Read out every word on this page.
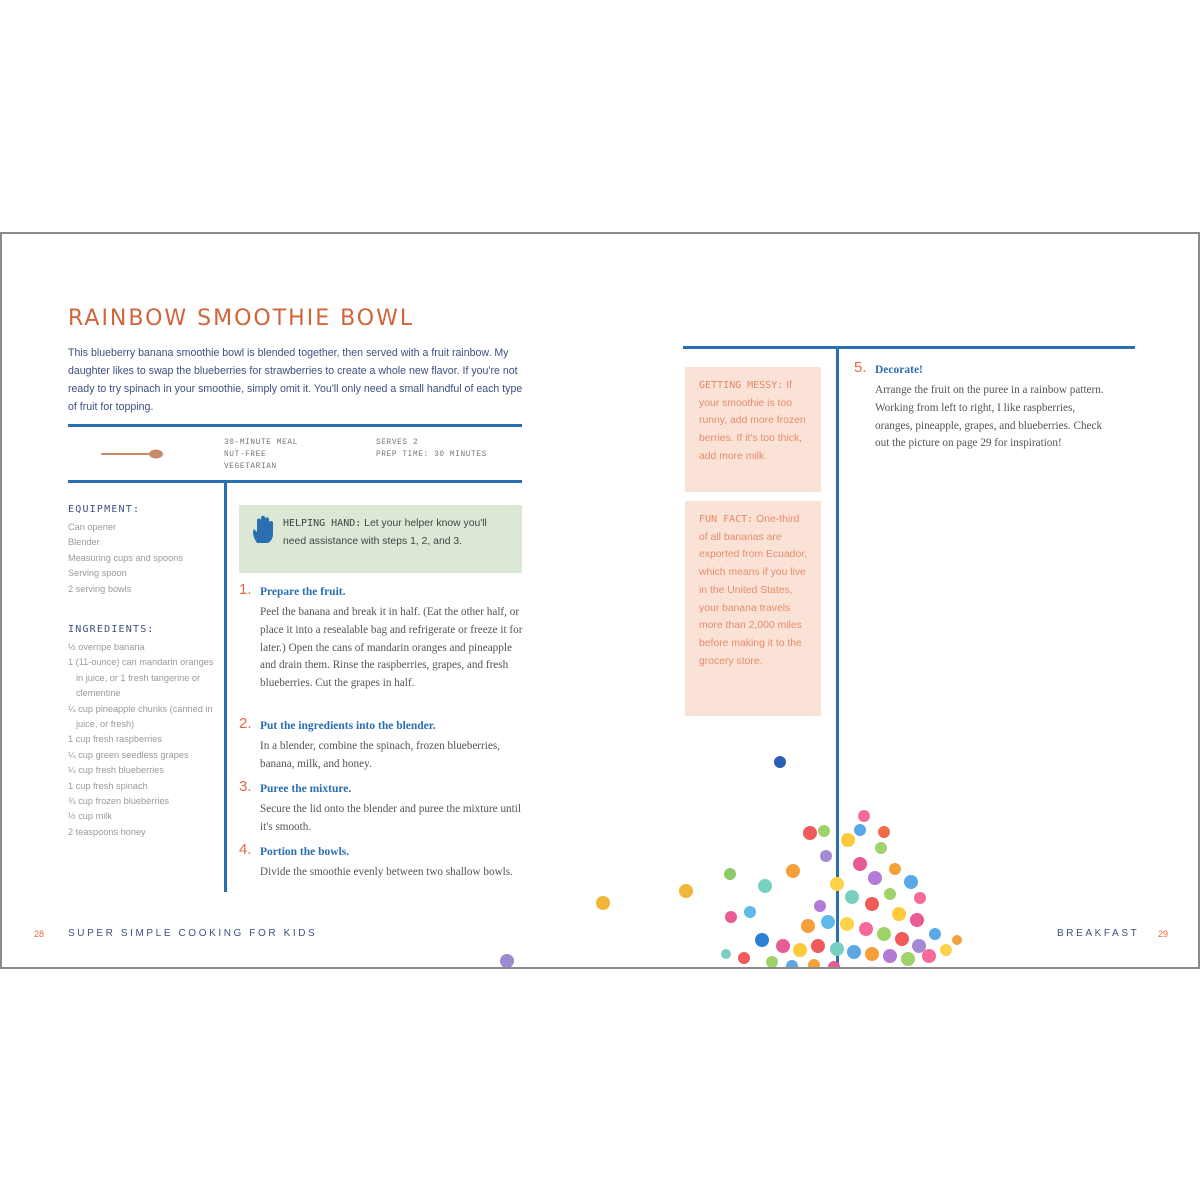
RAINBOW SMOOTHIE BOWL

This blueberry banana smoothie bowl is blended together, then served with a fruit rainbow. My daughter likes to swap the blueberries for strawberries to create a whole new flavor. If you're not ready to try spinach in your smoothie, simply omit it. You'll only need a small handful of each type of fruit for topping.

30-MINUTE MEAL
NUT-FREE
VEGETARIAN
SERVES 2
PREP TIME: 30 MINUTES
EQUIPMENT:
Can opener
Blender
Measuring cups and spoons
Serving spoon
2 serving bowls
INGREDIENTS:
½ overripe banana
1 (11-ounce) can mandarin oranges in juice, or 1 fresh tangerine or clementine
¼ cup pineapple chunks (canned in juice, or fresh)
1 cup fresh raspberries
¼ cup green seedless grapes
¼ cup fresh blueberries
1 cup fresh spinach
¾ cup frozen blueberries
½ cup milk
2 teaspoons honey
HELPING HAND: Let your helper know you'll need assistance with steps 1, 2, and 3.
1. Prepare the fruit.
Peel the banana and break it in half. (Eat the other half, or place it into a resealable bag and refrigerate or freeze it for later.) Open the cans of mandarin oranges and pineapple and drain them. Rinse the raspberries, grapes, and fresh blueberries. Cut the grapes in half.
2. Put the ingredients into the blender.
In a blender, combine the spinach, frozen blueberries, banana, milk, and honey.
3. Puree the mixture.
Secure the lid onto the blender and puree the mixture until it's smooth.
4. Portion the bowls.
Divide the smoothie evenly between two shallow bowls.
28 SUPER SIMPLE COOKING FOR KIDS
GETTING MESSY: If your smoothie is too runny, add more frozen berries. If it's too thick, add more milk.
FUN FACT: One-third of all bananas are exported from Ecuador, which means if you live in the United States, your banana travels more than 2,000 miles before making it to the grocery store.
5. Decorate!
Arrange the fruit on the puree in a rainbow pattern. Working from left to right, I like raspberries, oranges, pineapple, grapes, and blueberries. Check out the picture on page 29 for inspiration!
BREAKFAST 29
